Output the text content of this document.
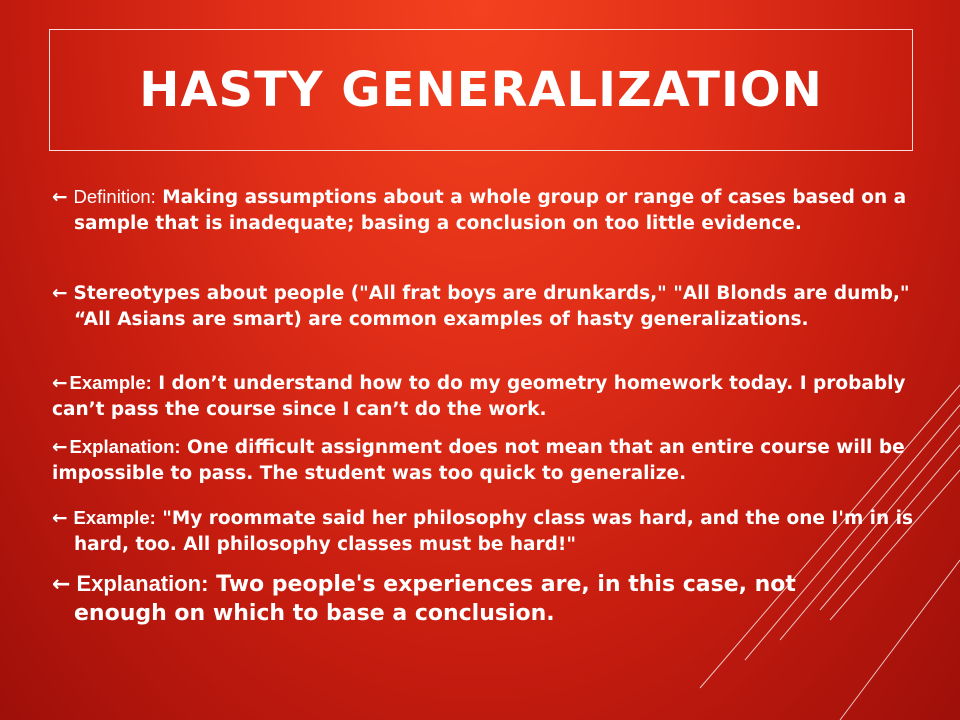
HASTY GENERALIZATION
← Definition: Making assumptions about a whole group or range of cases based on a sample that is inadequate; basing a conclusion on too little evidence.
← Stereotypes about people ("All frat boys are drunkards," "All Blonds are dumb," “All Asians are smart) are common examples of hasty generalizations.
← Example: I don’t understand how to do my geometry homework today. I probably can’t pass the course since I can’t do the work.
← Explanation: One difficult assignment does not mean that an entire course will be impossible to pass. The student was too quick to generalize.
← Example: "My roommate said her philosophy class was hard, and the one I'm in is hard, too. All philosophy classes must be hard!"
← Explanation: Two people's experiences are, in this case, not enough on which to base a conclusion.
